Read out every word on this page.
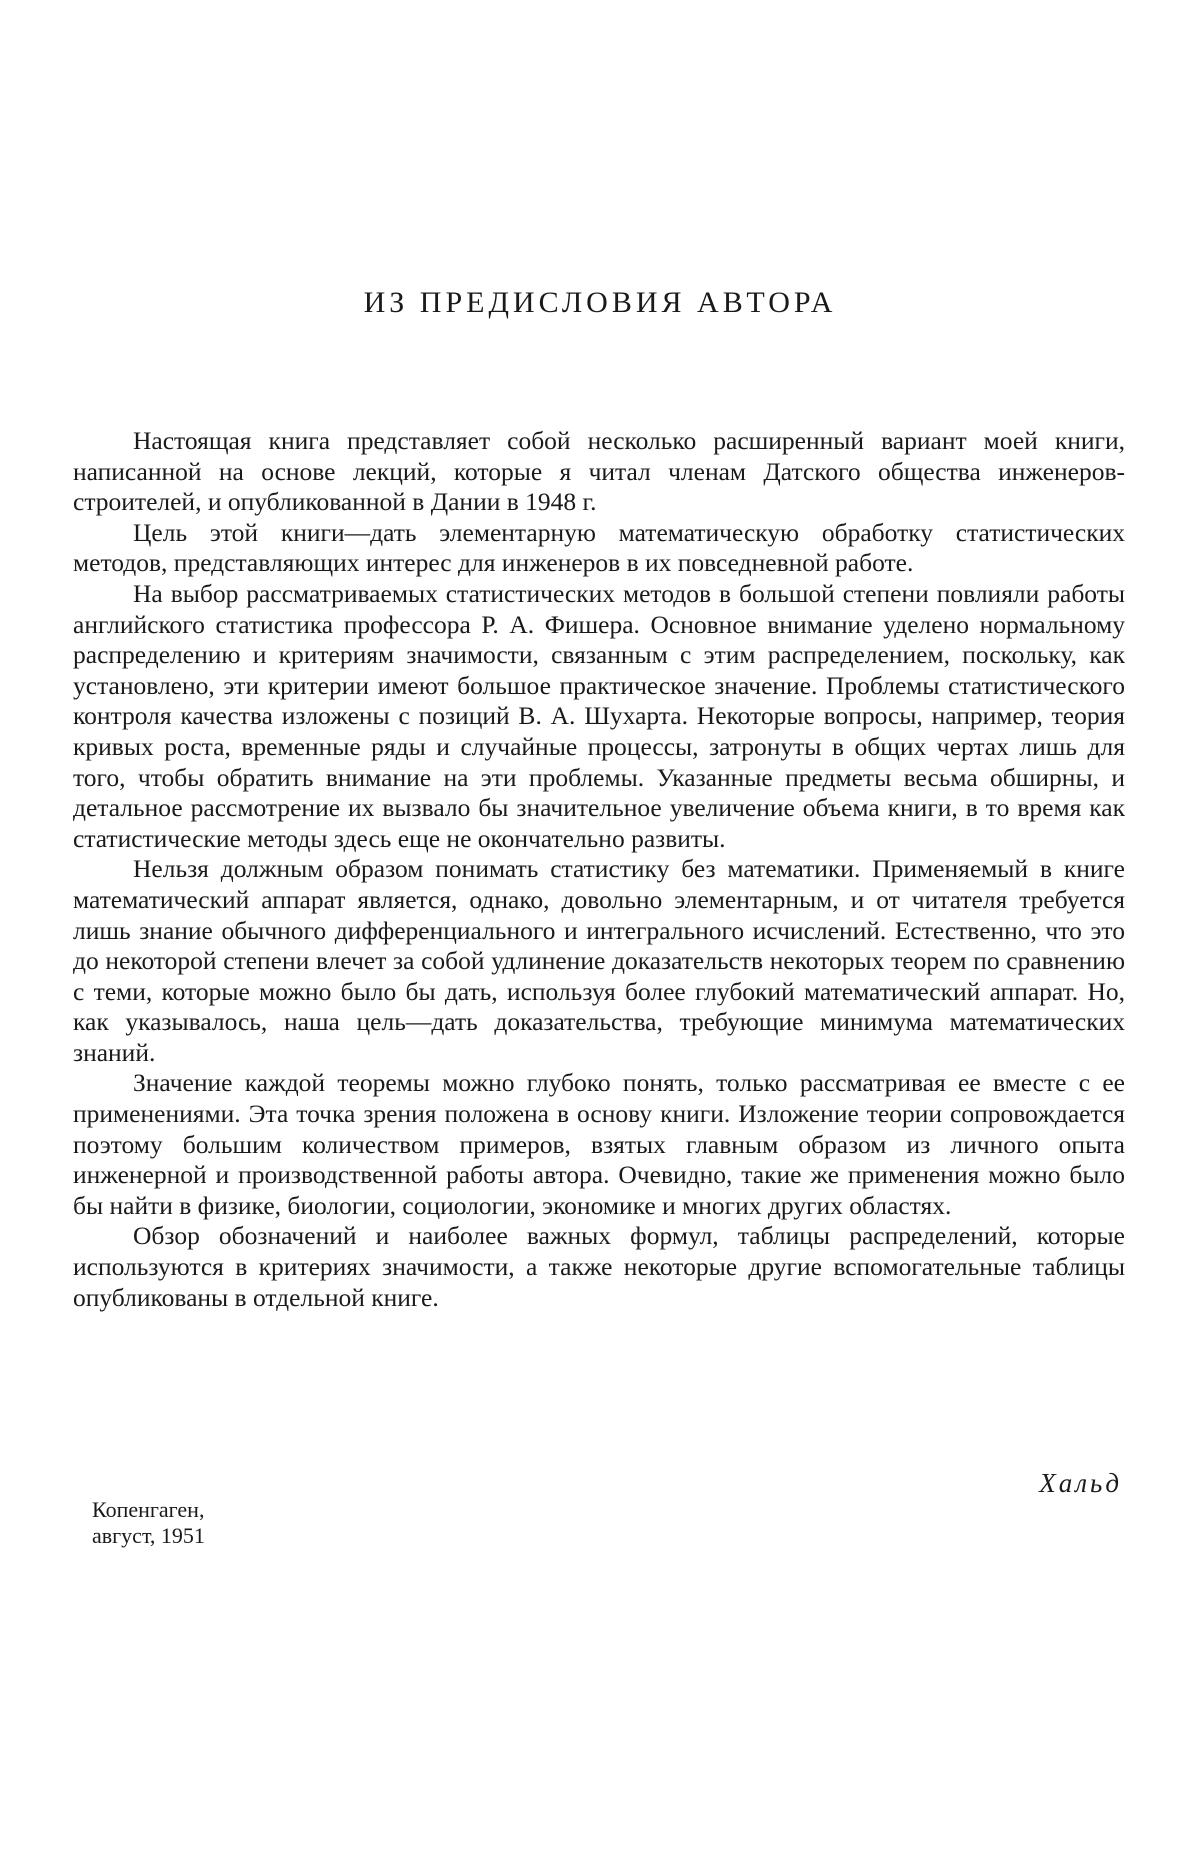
ИЗ ПРЕДИСЛОВИЯ АВТОРА

Настоящая книга представляет собой несколько расширенный вариант моей книги, написанной на основе лекций, которые я читал членам Датского общества инженеров-строителей, и опубликованной в Дании в 1948 г.

Цель этой книги—дать элементарную математическую обработку статистических методов, представляющих интерес для инженеров в их повседневной работе.

На выбор рассматриваемых статистических методов в большой степени повлияли работы английского статистика профессора Р. А. Фишера. Основное внимание уделено нормальному распределению и критериям значимости, связанным с этим распределением, поскольку, как установлено, эти критерии имеют большое практическое значение. Проблемы статистического контроля качества изложены с позиций В. А. Шухарта. Некоторые вопросы, например, теория кривых роста, временные ряды и случайные процессы, затронуты в общих чертах лишь для того, чтобы обратить внимание на эти проблемы. Указанные предметы весьма обширны, и детальное рассмотрение их вызвало бы значительное увеличение объема книги, в то время как статистические методы здесь еще не окончательно развиты.

Нельзя должным образом понимать статистику без математики. Применяемый в книге математический аппарат является, однако, довольно элементарным, и от читателя требуется лишь знание обычного дифференциального и интегрального исчислений. Естественно, что это до некоторой степени влечет за собой удлинение доказательств некоторых теорем по сравнению с теми, которые можно было бы дать, используя более глубокий математический аппарат. Но, как указывалось, наша цель—дать доказательства, требующие минимума математических знаний.

Значение каждой теоремы можно глубоко понять, только рассматривая ее вместе с ее применениями. Эта точка зрения положена в основу книги. Изложение теории сопровождается поэтому большим количеством примеров, взятых главным образом из личного опыта инженерной и производственной работы автора. Очевидно, такие же применения можно было бы найти в физике, биологии, социологии, экономике и многих других областях.

Обзор обозначений и наиболее важных формул, таблицы распределений, которые используются в критериях значимости, а также некоторые другие вспомогательные таблицы опубликованы в отдельной книге.

Хальд

Копенгаген,
август, 1951
